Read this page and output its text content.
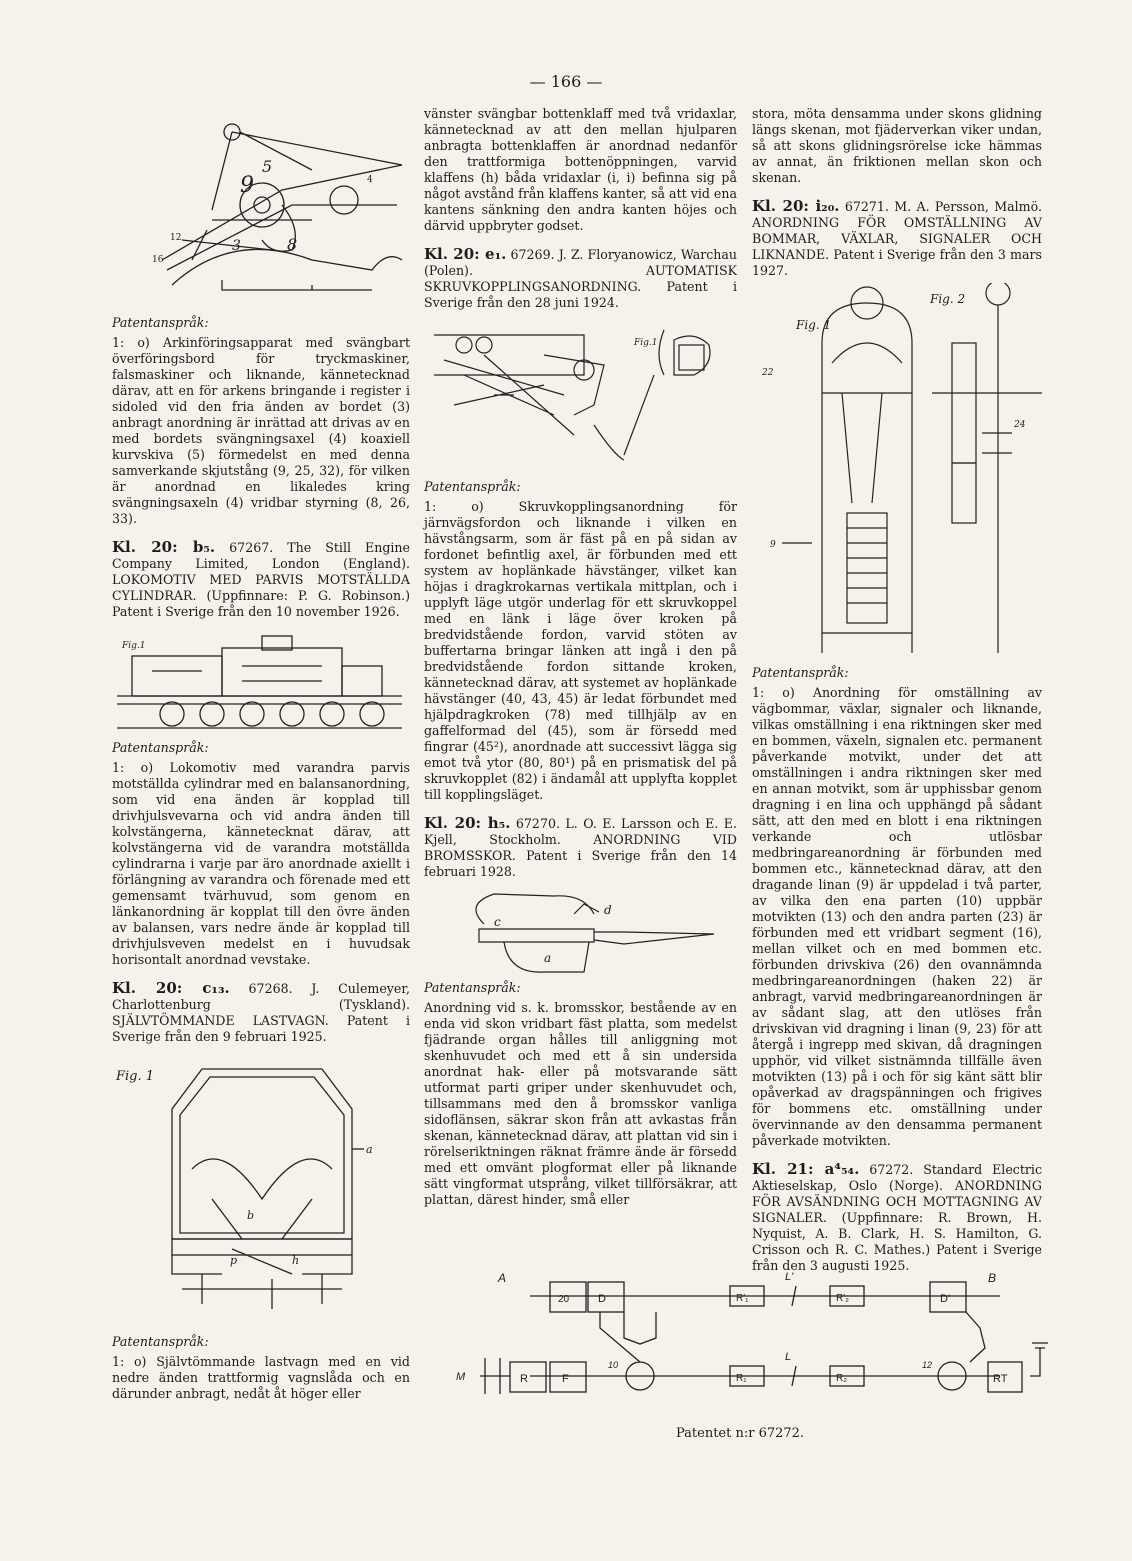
— 166 —
9
5
8
3
12
16
4

Patentanspråk:

1: o) Arkinföringsapparat med svängbart överföringsbord för tryckmaskiner, falsmaskiner och liknande, kännetecknad därav, att en för arkens bringande i register i sidoled vid den fria änden av bordet (3) anbragt anordning är inrättad att drivas av en med bordets svängningsaxel (4) koaxiell kurvskiva (5) förmedelst en med denna samverkande skjutstång (9, 25, 32), för vilken är anordnad en likaledes kring svängningsaxeln (4) vridbar styrning (8, 26, 33).

Kl. 20: b₅. 67267. The Still Engine Company Limited, London (England). LOKOMOTIV MED PARVIS MOTSTÄLLDA CYLINDRAR. (Uppfinnare: P. G. Robinson.) Patent i Sverige från den 10 november 1926.
Fig.1

Patentanspråk:

1: o) Lokomotiv med varandra parvis motställda cylindrar med en balansanordning, som vid ena änden är kopplad till drivhjulsvevarna och vid andra änden till kolvstängerna, kännetecknat därav, att kolvstängerna vid de varandra motställda cylindrarna i varje par äro anordnade axiellt i förlängning av varandra och förenade med ett gemensamt tvärhuvud, som genom en länkanordning är kopplat till den övre änden av balansen, vars nedre ände är kopplad till drivhjulsveven medelst en i huvudsak horisontalt anordnad vevstake.

Kl. 20: c₁₃. 67268. J. Culemeyer, Charlottenburg (Tyskland). SJÄLVTÖMMANDE LASTVAGN. Patent i Sverige från den 9 februari 1925.
Fig. 1
a
b
p	h

Patentanspråk:

1: o) Självtömmande lastvagn med en vid nedre änden trattformig vagnslåda och en därunder anbragt, nedåt åt höger eller

vänster svängbar bottenklaff med två vridaxlar, kännetecknad av att den mellan hjulparen anbragta bottenklaffen är anordnad nedanför den trattformiga bottenöppningen, varvid klaffens (h) båda vridaxlar (i, i) befinna sig på något avstånd från klaffens kanter, så att vid ena kantens sänkning den andra kanten höjes och därvid uppbryter godset.

Kl. 20: e₁. 67269. J. Z. Floryanowicz, Warchau (Polen). AUTOMATISK SKRUVKOPPLINGSANORDNING. Patent i Sverige från den 28 juni 1924.
Fig.1

Patentanspråk:

1: o) Skruvkopplingsanordning för järnvägsfordon och liknande i vilken en hävstångsarm, som är fäst på en på sidan av fordonet befintlig axel, är förbunden med ett system av hoplänkade hävstänger, vilket kan höjas i dragkrokarnas vertikala mittplan, och i upplyft läge utgör underlag för ett skruvkoppel med en länk i läge över kroken på bredvidstående fordon, varvid stöten av buffertarna bringar länken att ingå i den på bredvidstående fordon sittande kroken, kännetecknad därav, att systemet av hoplänkade hävstänger (40, 43, 45) är ledat förbundet med hjälpdragkroken (78) med tillhjälp av en gaffelformad del (45), som är försedd med fingrar (45²), anordnade att successivt lägga sig emot två ytor (80, 80¹) på en prismatisk del på skruvkopplet (82) i ändamål att upplyfta kopplet till kopplingsläget.

Kl. 20: h₅. 67270. L. O. E. Larsson och E. E. Kjell, Stockholm. ANORDNING VID BROMSSKOR. Patent i Sverige från den 14 februari 1928.
d
a
c

Patentanspråk:

Anordning vid s. k. bromsskor, bestående av en enda vid skon vridbart fäst platta, som medelst fjädrande organ hålles till anliggning mot skenhuvudet och med ett å sin undersida anordnat hak- eller på motsvarande sätt utformat parti griper under skenhuvudet och, tillsammans med den å bromsskor vanliga sidoflänsen, säkrar skon från att avkastas från skenan, kännetecknad därav, att plattan vid sin i rörelseriktningen räknat främre ände är försedd med ett omvänt plogformat eller på liknande sätt vingformat utsprång, vilket tillförsäkrar, att plattan, därest hinder, små eller

stora, möta densamma under skons glidning längs skenan, mot fjäderverkan viker undan, så att skons glidningsrörelse icke hämmas av annat, än friktionen mellan skon och skenan.

Kl. 20: i₂₀. 67271. M. A. Persson, Malmö. ANORDNING FÖR OMSTÄLLNING AV BOMMAR, VÄXLAR, SIGNALER OCH LIKNANDE. Patent i Sverige från den 3 mars 1927.
Fig. 1
Fig. 2
9
22
24

Patentanspråk:

1: o) Anordning för omställning av vägbommar, växlar, signaler och liknande, vilkas omställning i ena riktningen sker med en bommen, växeln, signalen etc. permanent påverkande motvikt, under det att omställningen i andra riktningen sker med en annan motvikt, som är upphissbar genom dragning i en lina och upphängd på sådant sätt, att den med en blott i ena riktningen verkande och utlösbar medbringareanordning är förbunden med bommen etc., kännetecknad därav, att den dragande linan (9) är uppdelad i två parter, av vilka den ena parten (10) uppbär motvikten (13) och den andra parten (23) är förbunden med ett vridbart segment (16), mellan vilket och en med bommen etc. förbunden drivskiva (26) den ovannämnda medbringareanordningen (haken 22) är anbragt, varvid medbringareanordningen är av sådant slag, att den utlöses från drivskivan vid dragning i linan (9, 23) för att återgå i ingrepp med skivan, då dragningen upphör, vid vilket sistnämnda tillfälle även motvikten (13) på i och för sig känt sätt blir opåverkad av dragspänningen och frigives för bommens etc. omställning under övervinnande av den densamma permanent påverkade motvikten.

Kl. 21: a⁴₅₄. 67272. Standard Electric Aktieselskap, Oslo (Norge). ANORDNING FÖR AVSÄNDNING OCH MOTTAGNING AV SIGNALER. (Uppfinnare: R. Brown, H. Nyquist, A. B. Clark, H. S. Hamilton, G. Crisson och R. C. Mathes.) Patent i Sverige från den 3 augusti 1925.
A	B
20	D	D'
R'₁	R'₂
R₁	R₂
R	F	RT
M
L'
L
10	12
Patentet n:r 67272.
